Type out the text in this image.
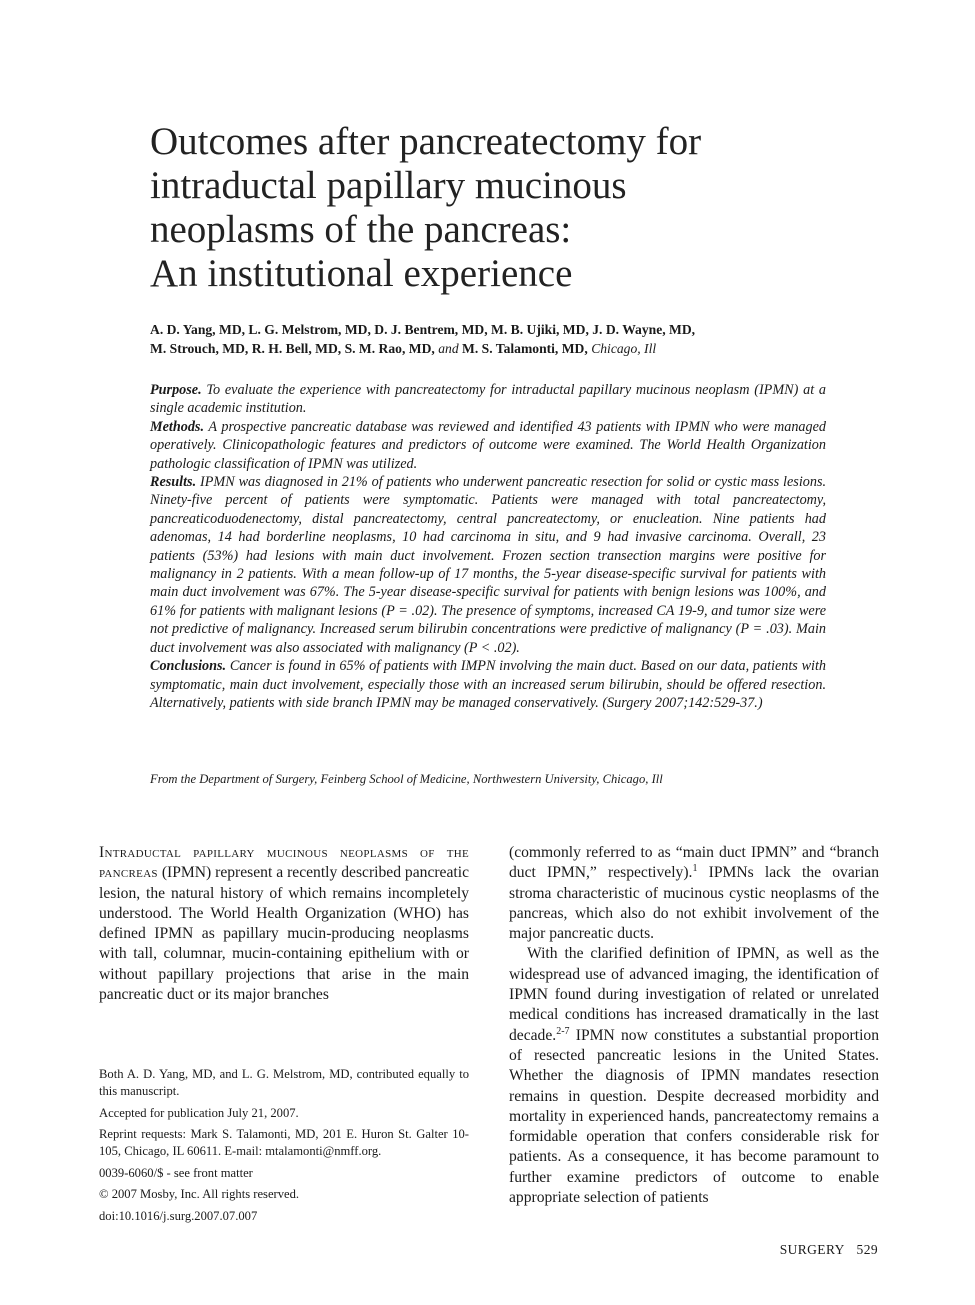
Outcomes after pancreatectomy for
intraductal papillary mucinous
neoplasms of the pancreas:
An institutional experience
A. D. Yang, MD, L. G. Melstrom, MD, D. J. Bentrem, MD, M. B. Ujiki, MD, J. D. Wayne, MD,
M. Strouch, MD, R. H. Bell, MD, S. M. Rao, MD, and M. S. Talamonti, MD, Chicago, Ill

Purpose. To evaluate the experience with pancreatectomy for intraductal papillary mucinous neoplasm (IPMN) at a single academic institution.

Methods. A prospective pancreatic database was reviewed and identified 43 patients with IPMN who were managed operatively. Clinicopathologic features and predictors of outcome were examined. The World Health Organization pathologic classification of IPMN was utilized.

Results. IPMN was diagnosed in 21% of patients who underwent pancreatic resection for solid or cystic mass lesions. Ninety-five percent of patients were symptomatic. Patients were managed with total pancreatectomy, pancreaticoduodenectomy, distal pancreatectomy, central pancreatectomy, or enucleation. Nine patients had adenomas, 14 had borderline neoplasms, 10 had carcinoma in situ, and 9 had invasive carcinoma. Overall, 23 patients (53%) had lesions with main duct involvement. Frozen section transection margins were positive for malignancy in 2 patients. With a mean follow-up of 17 months, the 5-year disease-specific survival for patients with main duct involvement was 67%. The 5-year disease-specific survival for patients with benign lesions was 100%, and 61% for patients with malignant lesions (P = .02). The presence of symptoms, increased CA 19-9, and tumor size were not predictive of malignancy. Increased serum bilirubin concentrations were predictive of malignancy (P = .03). Main duct involvement was also associated with malignancy (P < .02).

Conclusions. Cancer is found in 65% of patients with IMPN involving the main duct. Based on our data, patients with symptomatic, main duct involvement, especially those with an increased serum bilirubin, should be offered resection. Alternatively, patients with side branch IPMN may be managed conservatively. (Surgery 2007;142:529-37.)

From the Department of Surgery, Feinberg School of Medicine, Northwestern University, Chicago, Ill

Intraductal papillary mucinous neoplasms of the pancreas (IPMN) represent a recently described pancreatic lesion, the natural history of which remains incompletely understood. The World Health Organization (WHO) has defined IPMN as papillary mucin-producing neoplasms with tall, columnar, mucin-containing epithelium with or without papillary projections that arise in the main pancreatic duct or its major branches

Both A. D. Yang, MD, and L. G. Melstrom, MD, contributed equally to this manuscript.

Accepted for publication July 21, 2007.

Reprint requests: Mark S. Talamonti, MD, 201 E. Huron St. Galter 10-105, Chicago, IL 60611. E-mail: mtalamonti@nmff.org.

0039-6060/$ - see front matter

© 2007 Mosby, Inc. All rights reserved.

doi:10.1016/j.surg.2007.07.007

(commonly referred to as “main duct IPMN” and “branch duct IPMN,” respectively).$^1$ IPMNs lack the ovarian stroma characteristic of mucinous cystic neoplasms of the pancreas, which also do not exhibit involvement of the major pancreatic ducts.

With the clarified definition of IPMN, as well as the widespread use of advanced imaging, the identification of IPMN found during investigation of related or unrelated medical conditions has increased dramatically in the last decade.$^{2-7}$ IPMN now constitutes a substantial proportion of resected pancreatic lesions in the United States. Whether the diagnosis of IPMN mandates resection remains in question. Despite decreased morbidity and mortality in experienced hands, pancreatectomy remains a formidable operation that confers considerable risk for patients. As a consequence, it has become paramount to further examine predictors of outcome to enable appropriate selection of patients

SURGERY 529
